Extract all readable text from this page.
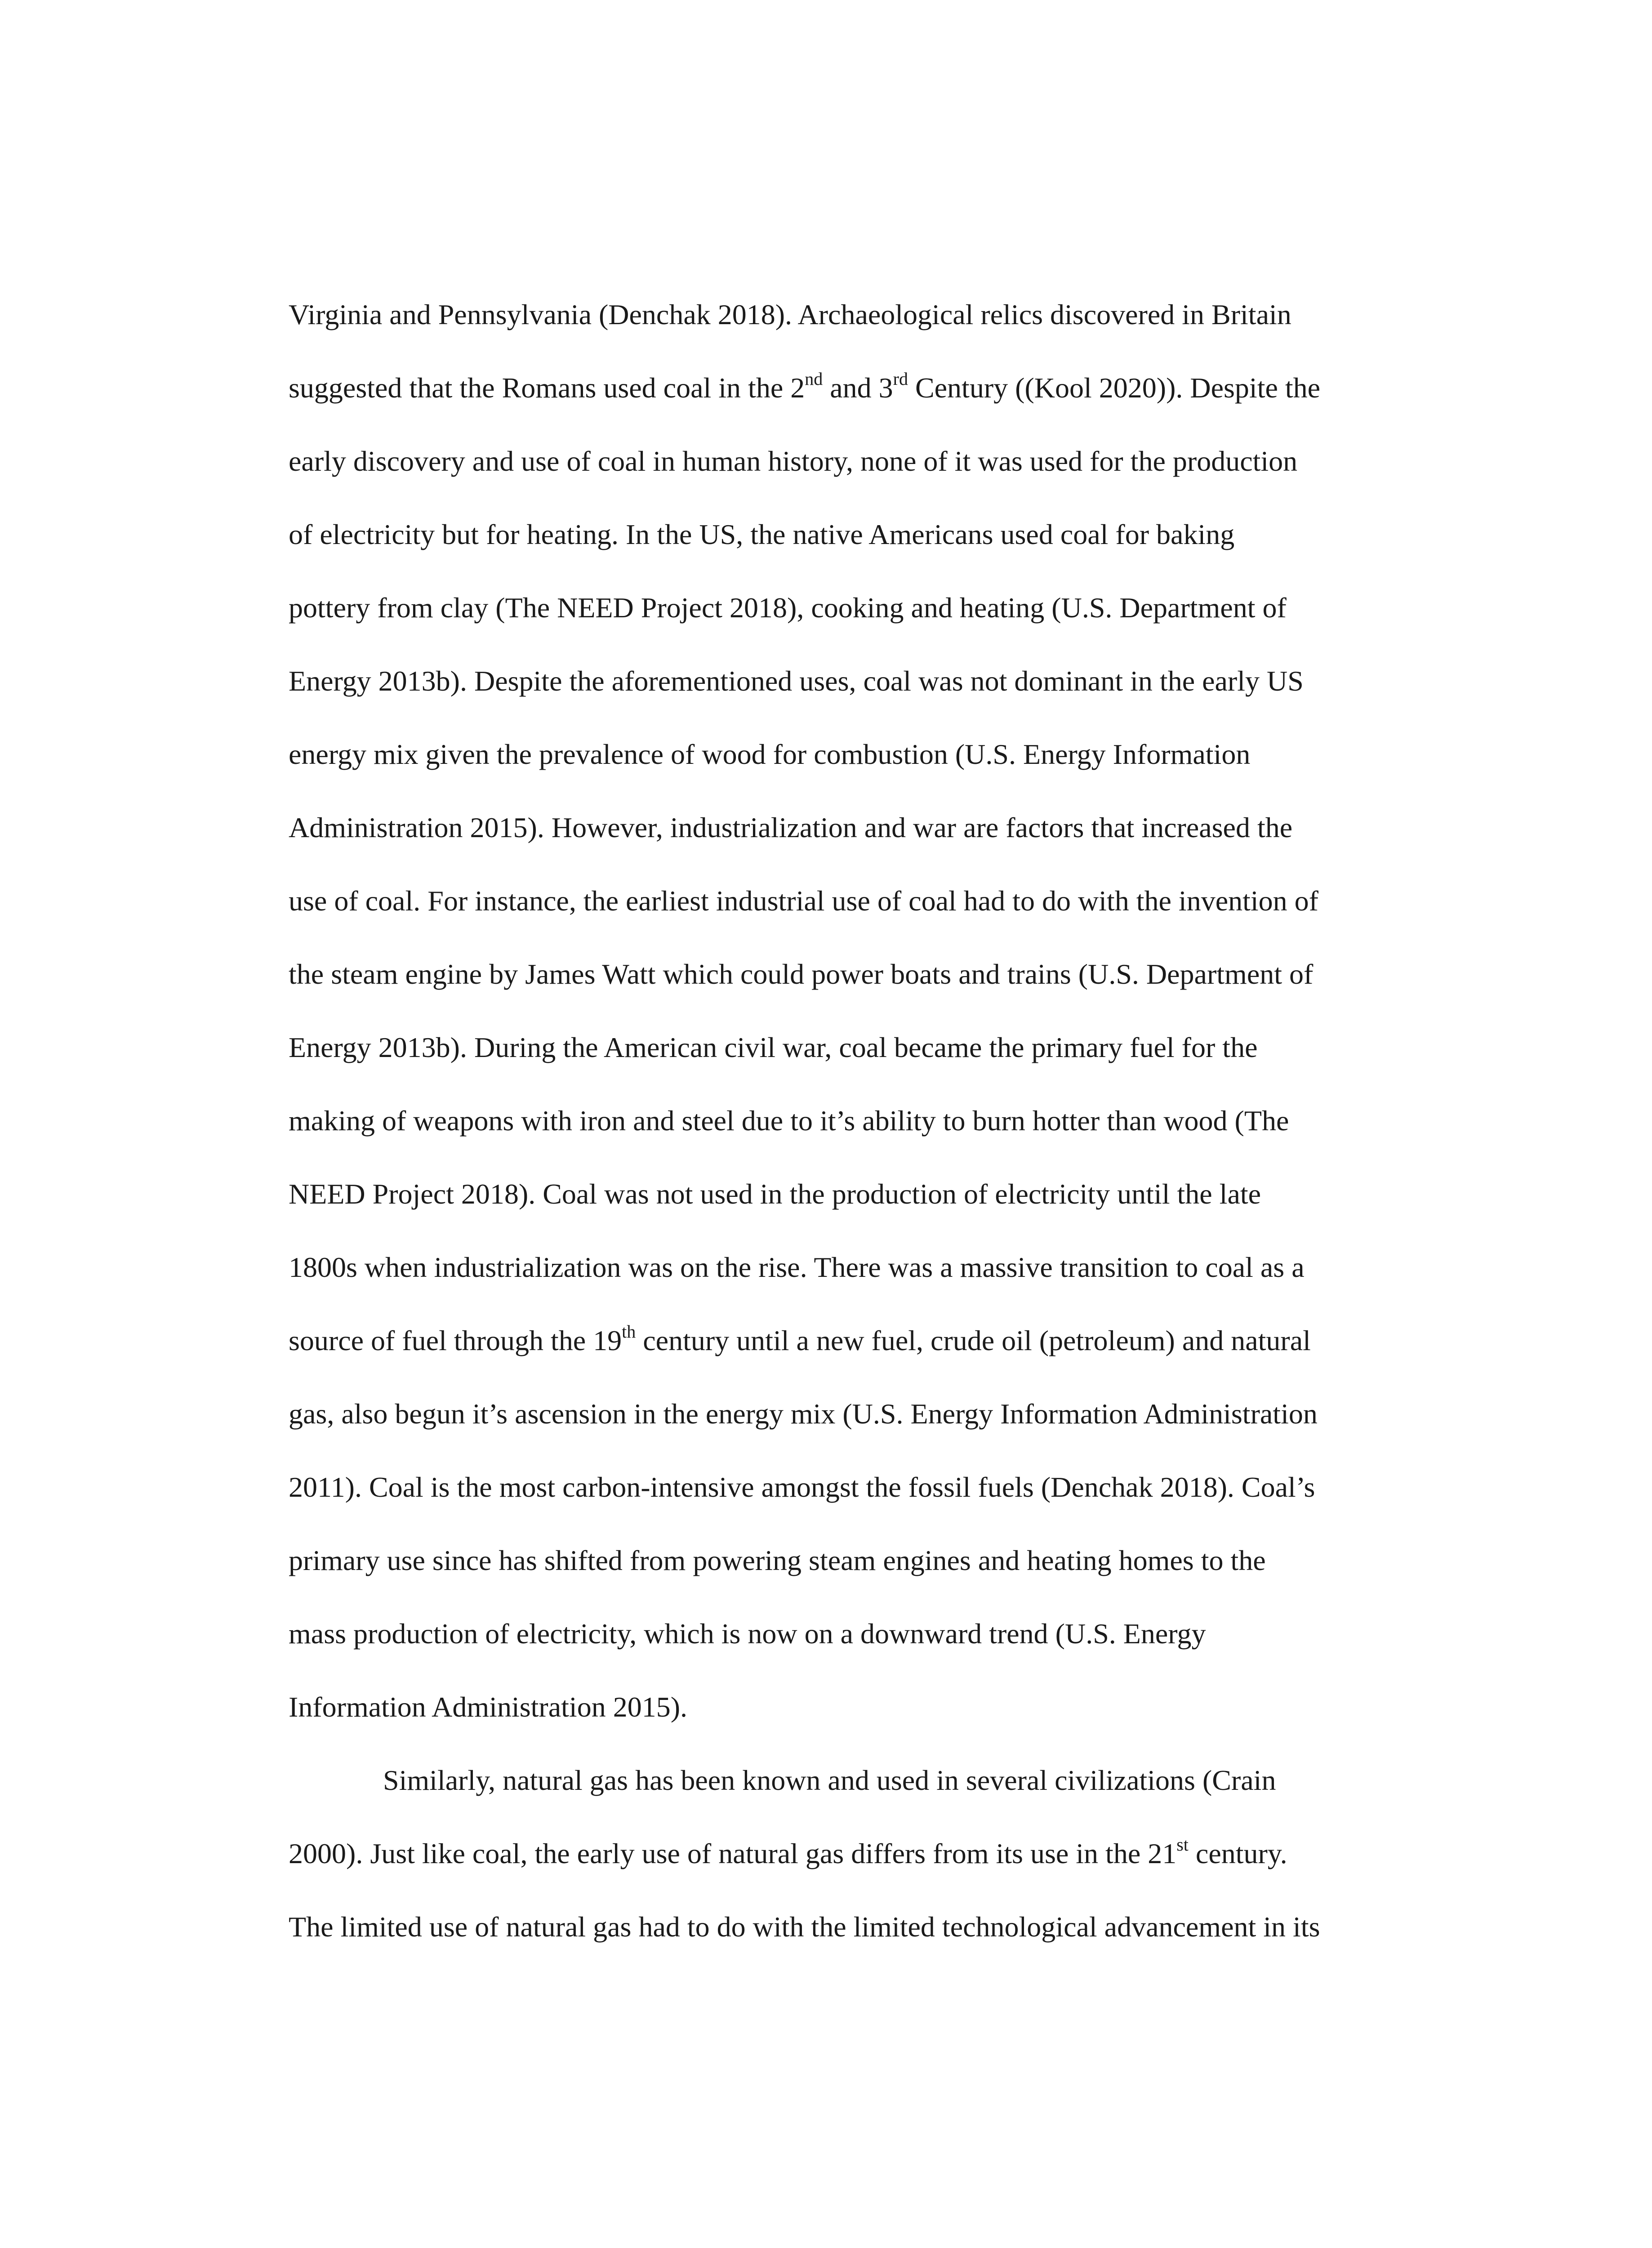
Virginia and Pennsylvania (Denchak 2018). Archaeological relics discovered in Britain
suggested that the Romans used coal in the 2nd and 3rd Century ((Kool 2020)). Despite the
early discovery and use of coal in human history, none of it was used for the production
of electricity but for heating. In the US, the native Americans used coal for baking
pottery from clay (The NEED Project 2018), cooking and heating (U.S. Department of
Energy 2013b). Despite the aforementioned uses, coal was not dominant in the early US
energy mix given the prevalence of wood for combustion (U.S. Energy Information
Administration 2015). However, industrialization and war are factors that increased the
use of coal. For instance, the earliest industrial use of coal had to do with the invention of
the steam engine by James Watt which could power boats and trains (U.S. Department of
Energy 2013b). During the American civil war, coal became the primary fuel for the
making of weapons with iron and steel due to it’s ability to burn hotter than wood (The
NEED Project 2018). Coal was not used in the production of electricity until the late
1800s when industrialization was on the rise. There was a massive transition to coal as a
source of fuel through the 19th century until a new fuel, crude oil (petroleum) and natural
gas, also begun it’s ascension in the energy mix (U.S. Energy Information Administration
2011). Coal is the most carbon-intensive amongst the fossil fuels (Denchak 2018). Coal’s
primary use since has shifted from powering steam engines and heating homes to the
mass production of electricity, which is now on a downward trend (U.S. Energy
Information Administration 2015).
Similarly, natural gas has been known and used in several civilizations (Crain
2000). Just like coal, the early use of natural gas differs from its use in the 21st century.
The limited use of natural gas had to do with the limited technological advancement in its
